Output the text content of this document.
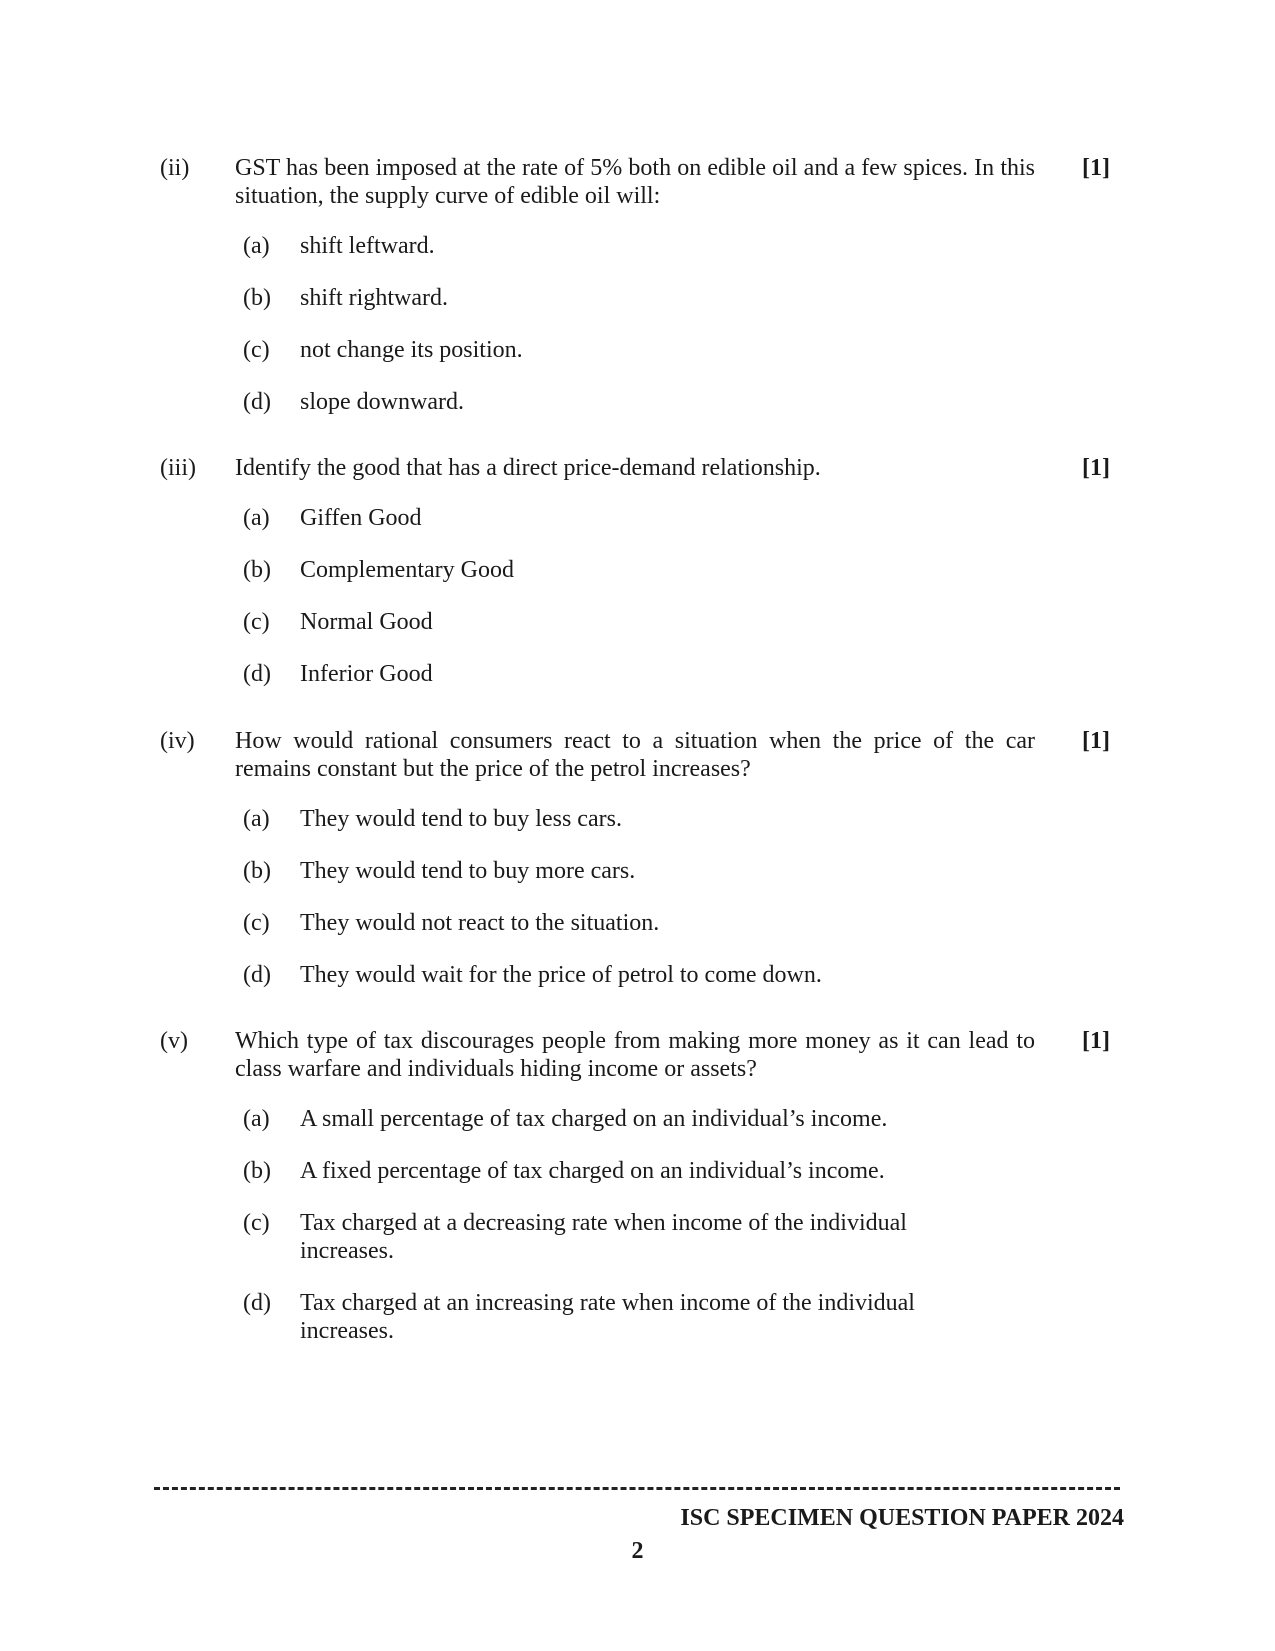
(ii)	GST has been imposed at the rate of 5% both on edible oil and a few spices. In this situation, the supply curve of edible oil will:
[1]
(a)	shift leftward.
(b)	shift rightward.
(c)	not change its position.
(d)	slope downward.
(iii)	Identify the good that has a direct price-demand relationship.	[1]
(a)	Giffen Good
(b)	Complementary Good
(c)	Normal Good
(d)	Inferior Good
(iv)	How would rational consumers react to a situation when the price of the car remains constant but the price of the petrol increases?
[1]
(a)	They would tend to buy less cars.
(b)	They would tend to buy more cars.
(c)	They would not react to the situation.
(d)	They would wait for the price of petrol to come down.
(v)	Which type of tax discourages people from making more money as it can lead to class warfare and individuals hiding income or assets?
[1]
(a)	A small percentage of tax charged on an individual’s income.
(b)	A fixed percentage of tax charged on an individual’s income.
(c)	Tax charged at a decreasing rate when income of the individual increases.
(d)	Tax charged at an increasing rate when income of the individual increases.
ISC SPECIMEN QUESTION PAPER 2024
2
